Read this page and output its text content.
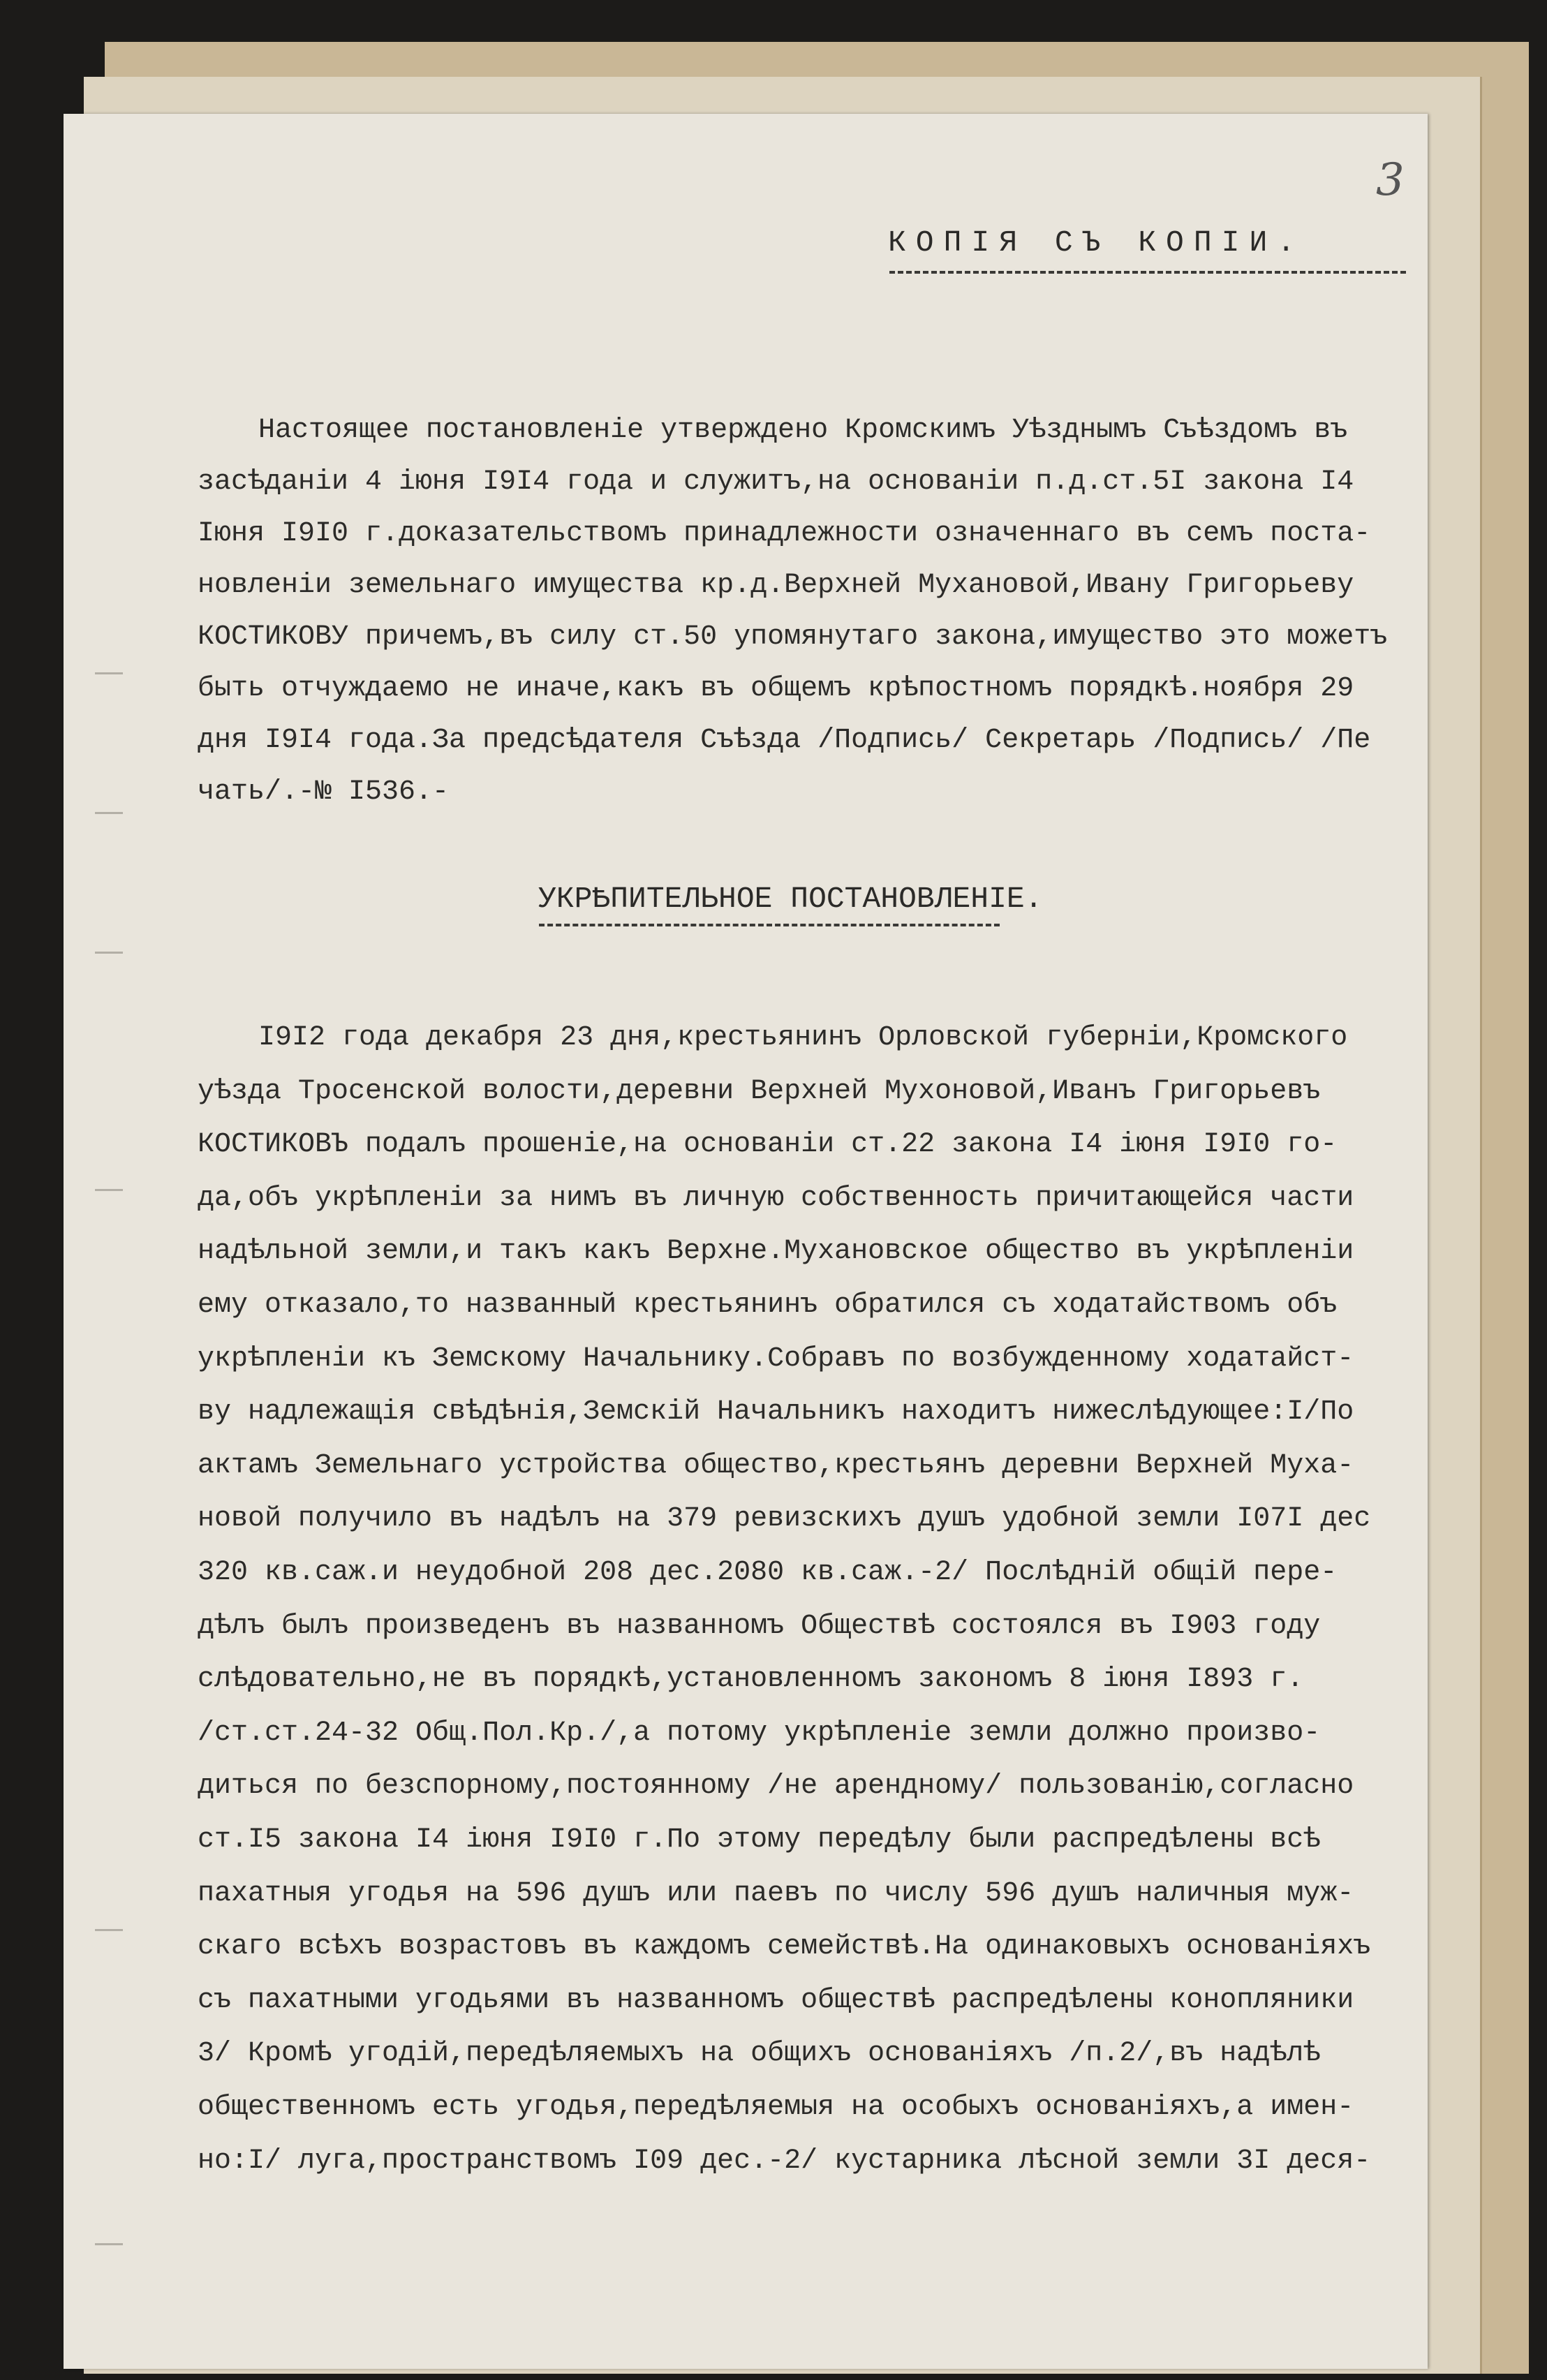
3
КОПІЯ СЪ КОПІИ.
Настоящее постановленіе утверждено Кромскимъ Уѣзднымъ Съѣздомъ въ
засѣданіи 4 іюня І9І4 года и служитъ,на основаніи п.д.ст.5І закона І4
Іюня І9І0 г.доказательствомъ принадлежности означеннаго въ семъ поста-
новленіи земельнаго имущества кр.д.Верхней Мухановой,Ивану Григорьеву
КОСТИКОВУ причемъ,въ силу ст.50 упомянутаго закона,имущество это можетъ
быть отчуждаемо не иначе,какъ въ общемъ крѣпостномъ порядкѣ.ноября 29
дня І9І4 года.За предсѣдателя Съѣзда /Подпись/ Секретарь /Подпись/ /Пе
чать/.-№ І536.-
УКРѢПИТЕЛЬНОЕ ПОСТАНОВЛЕНІЕ.
І9І2 года декабря 23 дня,крестьянинъ Орловской губерніи,Кромского
уѣзда Тросенской волости,деревни Верхней Мухоновой,Иванъ Григорьевъ
КОСТИКОВЪ подалъ прошеніе,на основаніи ст.22 закона І4 іюня І9І0 го-
да,объ укрѣпленіи за нимъ въ личную собственность причитающейся части
надѣльной земли,и такъ какъ Верхне.Мухановское общество въ укрѣпленіи
ему отказало,то названный крестьянинъ обратился съ ходатайствомъ объ
укрѣпленіи къ Земскому Начальнику.Собравъ по возбужденному ходатайст-
ву надлежащія свѣдѣнія,Земскій Начальникъ находитъ нижеслѣдующее:І/По
актамъ Земельнаго устройства общество,крестьянъ деревни Верхней Муха-
новой получило въ надѣлъ на 379 ревизскихъ душъ удобной земли І07І дес
320 кв.саж.и неудобной 208 дес.2080 кв.саж.-2/ Послѣдній общій пере-
дѣлъ былъ произведенъ въ названномъ Обществѣ состоялся въ І903 году
слѣдовательно,не въ порядкѣ,установленномъ закономъ 8 іюня І893 г.
/ст.ст.24-32 Общ.Пол.Кр./,а потому укрѣпленіе земли должно произво-
диться по безспорному,постоянному /не арендному/ пользованію,согласно
ст.І5 закона І4 іюня І9І0 г.По этому передѣлу были распредѣлены всѣ
пахатныя угодья на 596 душъ или паевъ по числу 596 душъ наличныя муж-
скаго всѣхъ возрастовъ въ каждомъ семействѣ.На одинаковыхъ основаніяхъ
съ пахатными угодьями въ названномъ обществѣ распредѣлены конопляники
3/ Кромѣ угодій,передѣляемыхъ на общихъ основаніяхъ /п.2/,въ надѣлѣ
общественномъ есть угодья,передѣляемыя на особыхъ основаніяхъ,а имен-
но:І/ луга,пространствомъ І09 дес.-2/ кустарника лѣсной земли 3І деся-
